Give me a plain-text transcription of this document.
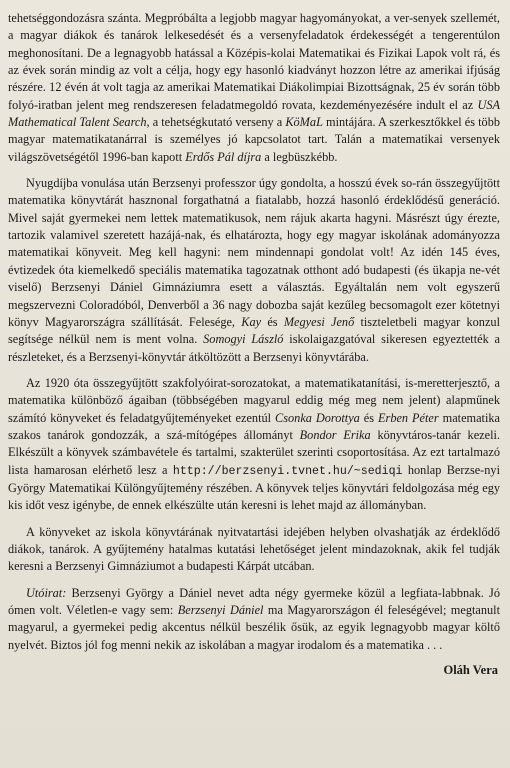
tehetséggondozásra szánta. Megpróbálta a legjobb magyar hagyományokat, a ver-senyek szellemét, a magyar diákok és tanárok lelkesedését és a versenyfeladatok érdekességét a tengerentúlon meghonosítani. De a legnagyobb hatással a Középis-kolai Matematikai és Fizikai Lapok volt rá, és az évek során mindig az volt a célja, hogy egy hasonló kiadványt hozzon létre az amerikai ifjúság részére. 12 évén át volt tagja az amerikai Matematikai Diákolimpiai Bizottságnak, 25 év során több folyó-iratban jelent meg rendszeresen feladatmegoldó rovata, kezdeményezésére indult el az USA Mathematical Talent Search, a tehetségkutató verseny a KöMaL mintájára. A szerkesztőkkel és több magyar matematikatanárral is személyes jó kapcsolatot tart. Talán a matematikai versenyek világszövetségétől 1996-ban kapott Erdős Pál díjra a legbüszkébb.

Nyugdíjba vonulása után Berzsenyi professzor úgy gondolta, a hosszú évek so-rán összegyűjtött matematika könyvtárát hasznonal forgathatná a fiatalabb, hozzá hasonló érdeklődésű generáció. Mivel saját gyermekei nem lettek matematikusok, nem rájuk akarta hagyni. Másrészt úgy érezte, tartozik valamivel szeretett hazájá-nak, és elhatározta, hogy egy magyar iskolának adományozza matematikai könyveit. Meg kell hagyni: nem mindennapi gondolat volt! Az idén 145 éves, évtizedek óta kiemelkedő speciális matematika tagozatnak otthont adó budapesti (és ükapja ne-vét viselő) Berzsenyi Dániel Gimnáziumra esett a választás. Egyáltalán nem volt egyszerű megszervezni Coloradóból, Denverből a 36 nagy dobozba saját kezűleg becsomagolt ezer kötetnyi könyv Magyarországra szállítását. Felesége, Kay és Megyesi Jenő tiszteletbeli magyar konzul segítsége nélkül nem is ment volna. Somogyi László iskolaigazgatóval sikeresen egyeztették a részleteket, és a Berzsenyi-könyvtár átköltözött a Berzsenyi könyvtárába.

Az 1920 óta összegyűjtött szakfolyóirat-sorozatokat, a matematikatanítási, is-meretterjesztő, a matematika különböző ágaiban (többségében magyarul eddig még meg nem jelent) alapműnek számító könyveket és feladatgyűjteményeket ezentúl Csonka Dorottya és Erben Péter matematika szakos tanárok gondozzák, a szá-mítógépes állományt Bondor Erika könyvtáros-tanár kezeli. Elkészült a könyvek számbavétele és tartalmi, szakterület szerinti csoportosítása. Az ezt tartalmazó lista hamarosan elérhető lesz a http://berzsenyi.tvnet.hu/~sediqi honlap Berzse-nyi György Matematikai Különgyűjtemény részében. A könyvek teljes könyvtári feldolgozása még egy kis időt vesz igénybe, de ennek elkészülte után keresni is lehet majd az állományban.

A könyveket az iskola könyvtárának nyitvatartási idejében helyben olvashatják az érdeklődő diákok, tanárok. A gyűjtemény hatalmas kutatási lehetőséget jelent mindazoknak, akik fel tudják keresni a Berzsenyi Gimnáziumot a budapesti Kárpát utcában.

Utóirat: Berzsenyi György a Dániel nevet adta négy gyermeke közül a legfiata-labbnak. Jó ómen volt. Véletlen-e vagy sem: Berzsenyi Dániel ma Magyarországon él feleségével; megtanult magyarul, a gyermekei pedig akcentus nélkül beszélik ősük, az egyik legnagyobb magyar költő nyelvét. Biztos jól fog menni nekik az iskolában a magyar irodalom és a matematika . . .

Oláh Vera
